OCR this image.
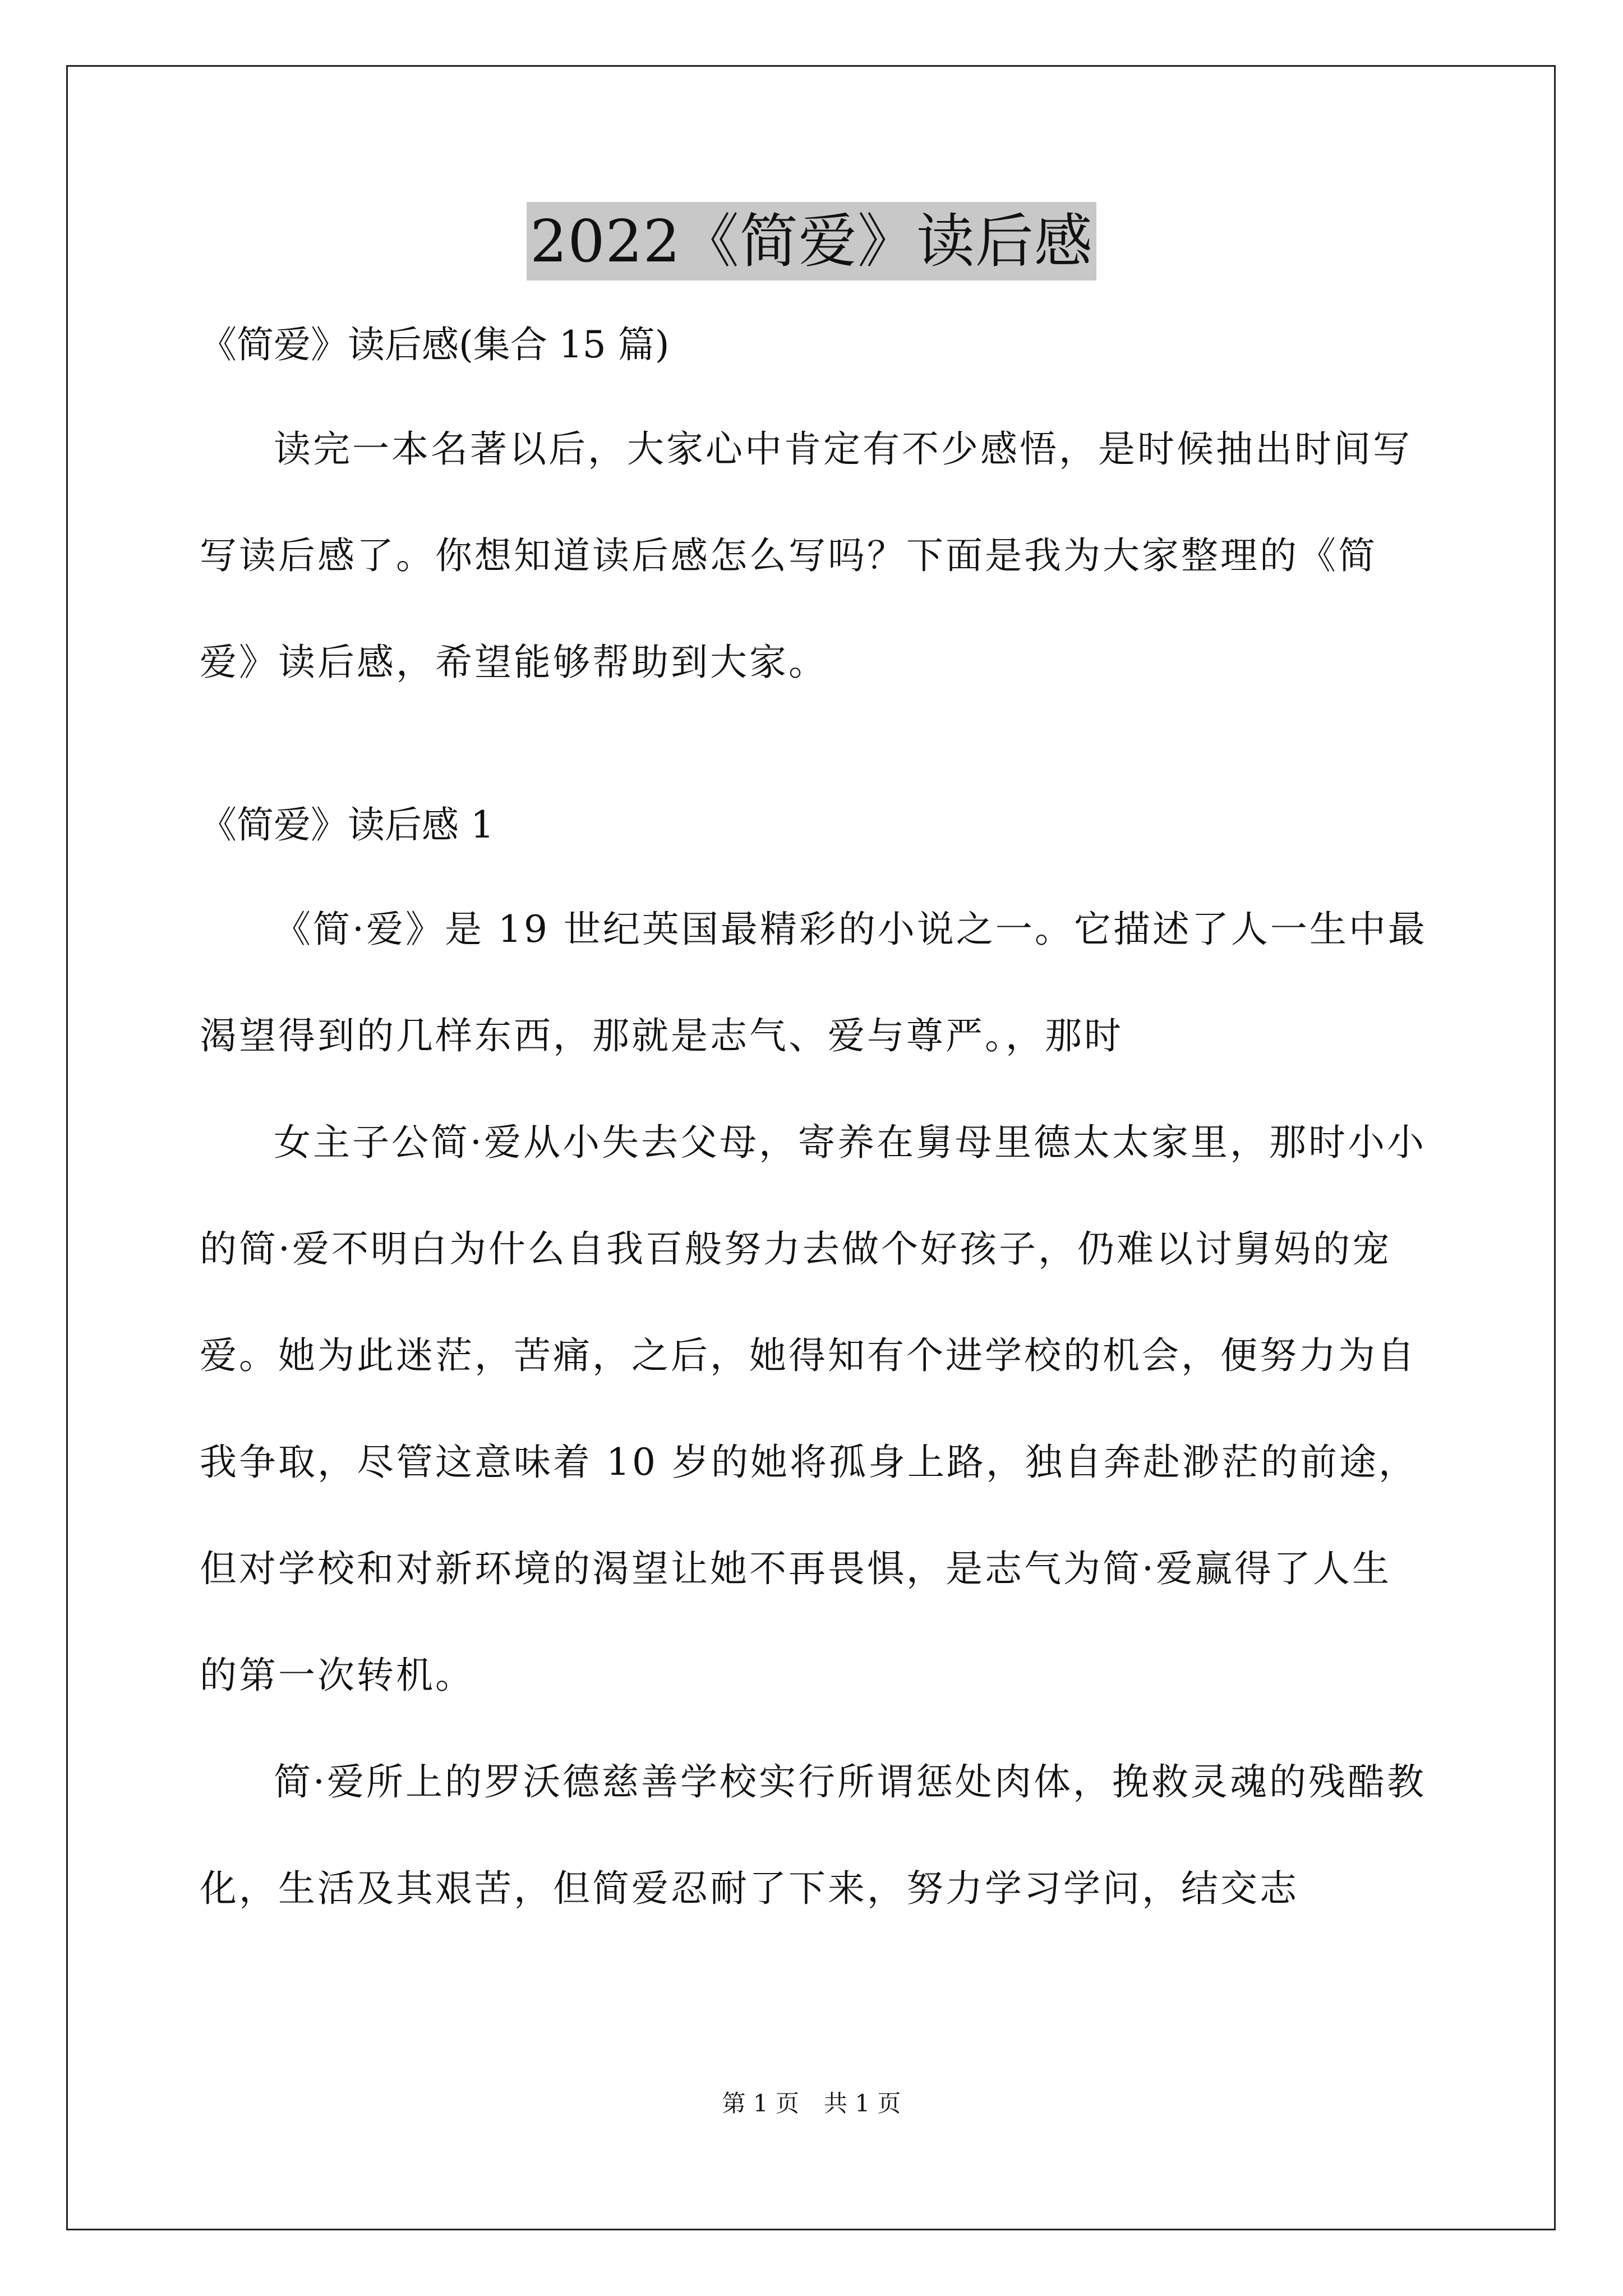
2022《简爱》读后感

《简爱》读后感(集合 15 篇)

读完一本名著以后，大家心中肯定有不少感悟，是时候抽出时间写写读后感了。你想知道读后感怎么写吗？下面是我为大家整理的《简爱》读后感，希望能够帮助到大家。

《简爱》读后感 1

《简·爱》是 19 世纪英国最精彩的小说之一。它描述了人一生中最渴望得到的几样东西，那就是志气、爱与尊严。，那时

女主子公简·爱从小失去父母，寄养在舅母里德太太家里，那时小小的简·爱不明白为什么自我百般努力去做个好孩子，仍难以讨舅妈的宠爱。她为此迷茫，苦痛，之后，她得知有个进学校的机会，便努力为自我争取，尽管这意味着 10 岁的她将孤身上路，独自奔赴渺茫的前途，但对学校和对新环境的渴望让她不再畏惧，是志气为简·爱赢得了人生的第一次转机。

简·爱所上的罗沃德慈善学校实行所谓惩处肉体，挽救灵魂的残酷教化，生活及其艰苦，但简爱忍耐了下来，努力学习学问，结交志

第 1 页 共 1 页
